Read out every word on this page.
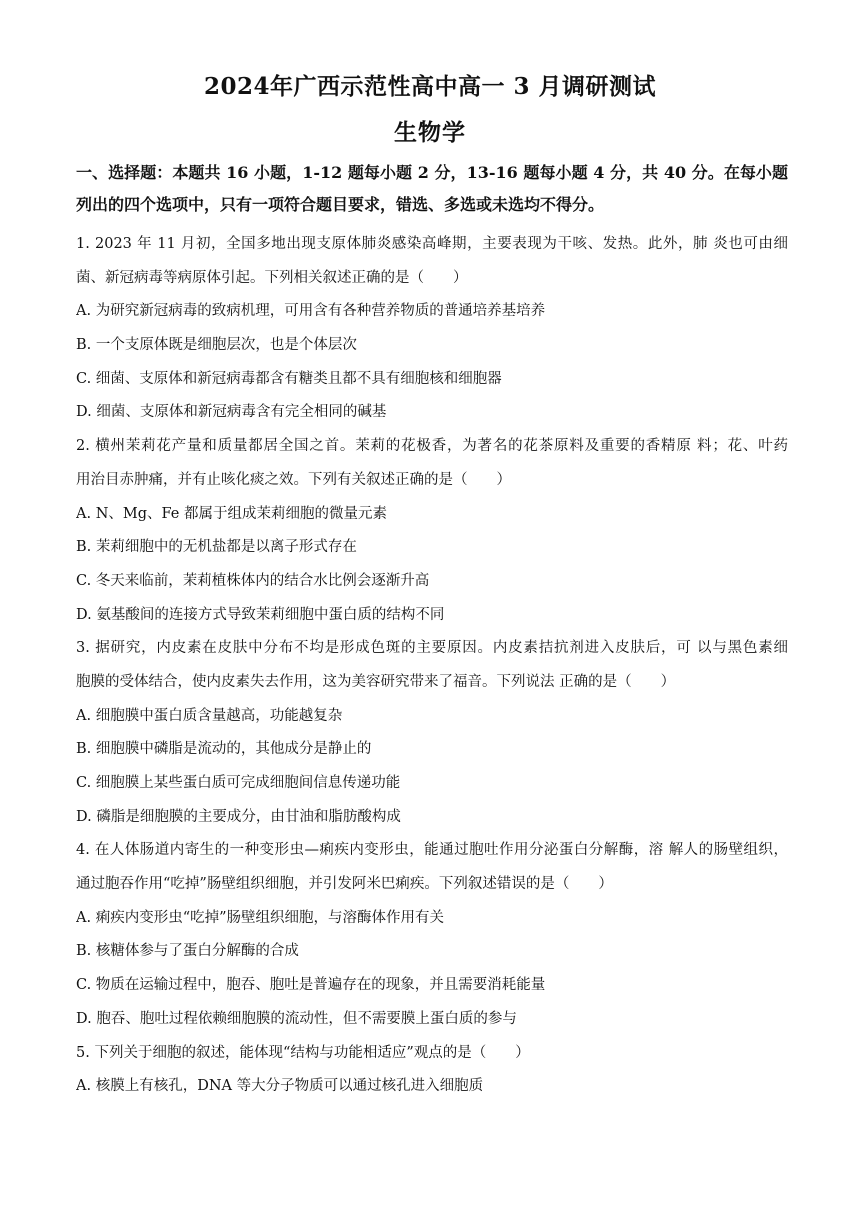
2024年广西示范性高中高一 3 月调研测试
生物学
一、选择题：本题共 16 小题，1-12 题每小题 2 分，13-16 题每小题 4 分，共 40 分。在每小题
列出的四个选项中，只有一项符合题目要求，错选、多选或未选均不得分。
1. 2023 年 11 月初，全国多地出现支原体肺炎感染高峰期，主要表现为干咳、发热。此外，肺 炎也可由细
菌、新冠病毒等病原体引起。下列相关叙述正确的是（　　）
A. 为研究新冠病毒的致病机理，可用含有各种营养物质的普通培养基培养
B. 一个支原体既是细胞层次，也是个体层次
C. 细菌、支原体和新冠病毒都含有糖类且都不具有细胞核和细胞器
D. 细菌、支原体和新冠病毒含有完全相同的碱基
2. 横州茉莉花产量和质量都居全国之首。茉莉的花极香，为著名的花茶原料及重要的香精原 料；花、叶药
用治目赤肿痛，并有止咳化痰之效。下列有关叙述正确的是（　　）
A. N、Mg、Fe 都属于组成茉莉细胞的微量元素
B. 茉莉细胞中的无机盐都是以离子形式存在
C. 冬天来临前，茉莉植株体内的结合水比例会逐渐升高
D. 氨基酸间的连接方式导致茉莉细胞中蛋白质的结构不同
3. 据研究，内皮素在皮肤中分布不均是形成色斑的主要原因。内皮素拮抗剂进入皮肤后，可 以与黑色素细
胞膜的受体结合，使内皮素失去作用，这为美容研究带来了福音。下列说法 正确的是（　　）
A. 细胞膜中蛋白质含量越高，功能越复杂
B. 细胞膜中磷脂是流动的，其他成分是静止的
C. 细胞膜上某些蛋白质可完成细胞间信息传递功能
D. 磷脂是细胞膜的主要成分，由甘油和脂肪酸构成
4. 在人体肠道内寄生的一种变形虫—痢疾内变形虫，能通过胞吐作用分泌蛋白分解酶，溶 解人的肠壁组织，
通过胞吞作用“吃掉”肠壁组织细胞，并引发阿米巴痢疾。下列叙述错误的是（　　）
A. 痢疾内变形虫“吃掉”肠壁组织细胞，与溶酶体作用有关
B. 核糖体参与了蛋白分解酶的合成
C. 物质在运输过程中，胞吞、胞吐是普遍存在的现象，并且需要消耗能量
D. 胞吞、胞吐过程依赖细胞膜的流动性，但不需要膜上蛋白质的参与
5. 下列关于细胞的叙述，能体现“结构与功能相适应”观点的是（　　）
A. 核膜上有核孔，DNA 等大分子物质可以通过核孔进入细胞质
